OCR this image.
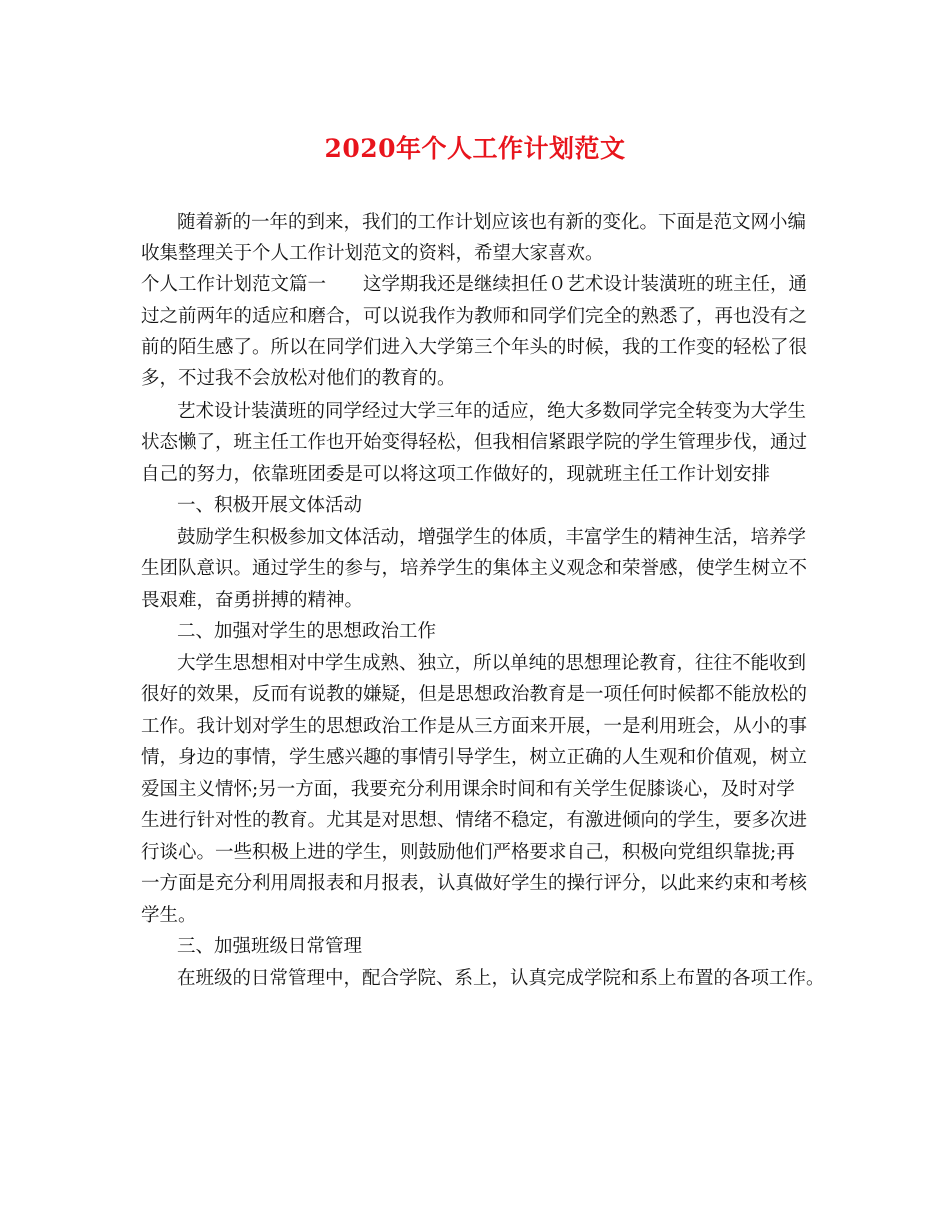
2020年个人工作计划范文

随着新的一年的到来，我们的工作计划应该也有新的变化。下面是范文网小编

收集整理关于个人工作计划范文的资料，希望大家喜欢。

个人工作计划范文篇一　　这学期我还是继续担任０艺术设计装潢班的班主任，通

过之前两年的适应和磨合，可以说我作为教师和同学们完全的熟悉了，再也没有之

前的陌生感了。所以在同学们进入大学第三个年头的时候，我的工作变的轻松了很

多，不过我不会放松对他们的教育的。

艺术设计装潢班的同学经过大学三年的适应，绝大多数同学完全转变为大学生

状态懒了，班主任工作也开始变得轻松，但我相信紧跟学院的学生管理步伐，通过

自己的努力，依靠班团委是可以将这项工作做好的，现就班主任工作计划安排

一、积极开展文体活动

鼓励学生积极参加文体活动，增强学生的体质，丰富学生的精神生活，培养学

生团队意识。通过学生的参与，培养学生的集体主义观念和荣誉感，使学生树立不

畏艰难，奋勇拼搏的精神。

二、加强对学生的思想政治工作

大学生思想相对中学生成熟、独立，所以单纯的思想理论教育，往往不能收到

很好的效果，反而有说教的嫌疑，但是思想政治教育是一项任何时候都不能放松的

工作。我计划对学生的思想政治工作是从三方面来开展，一是利用班会，从小的事

情，身边的事情，学生感兴趣的事情引导学生，树立正确的人生观和价值观，树立

爱国主义情怀;另一方面，我要充分利用课余时间和有关学生促膝谈心，及时对学

生进行针对性的教育。尤其是对思想、情绪不稳定，有激进倾向的学生，要多次进

行谈心。一些积极上进的学生，则鼓励他们严格要求自己，积极向党组织靠拢;再

一方面是充分利用周报表和月报表，认真做好学生的操行评分，以此来约束和考核

学生。

三、加强班级日常管理

在班级的日常管理中，配合学院、系上，认真完成学院和系上布置的各项工作。
